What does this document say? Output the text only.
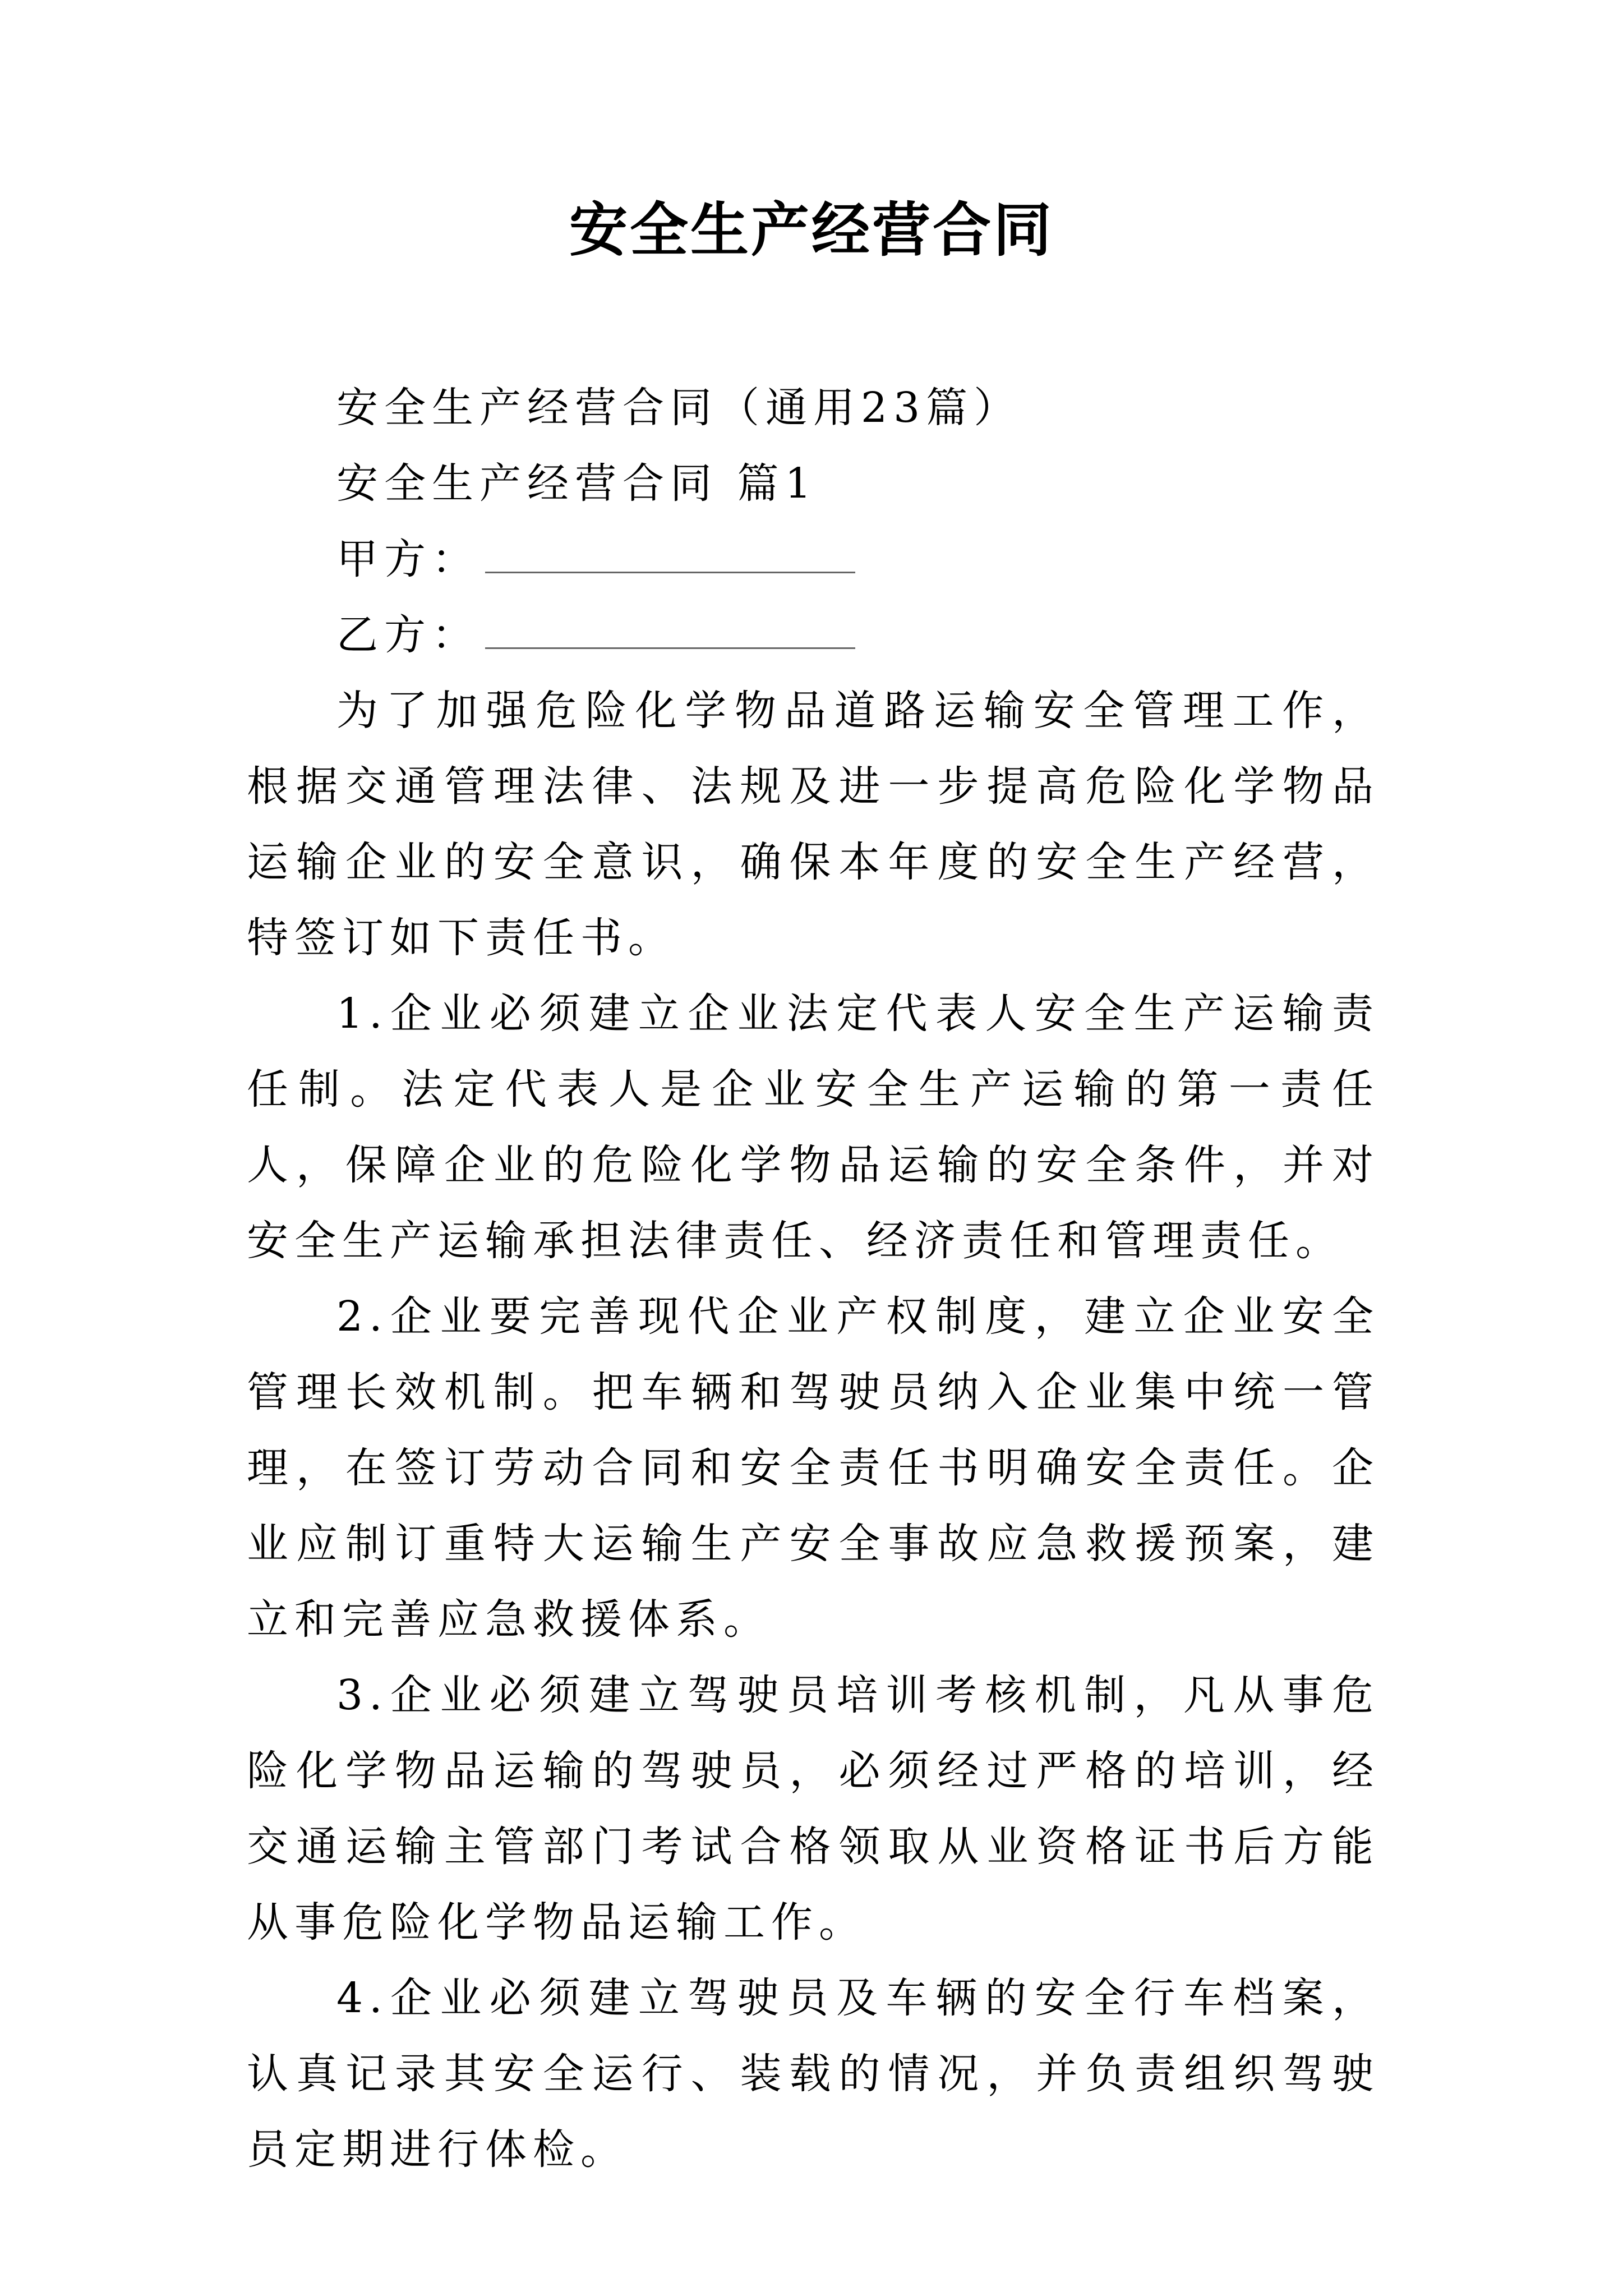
安全生产经营合同

安全生产经营合同（通用23篇）

安全生产经营合同 篇1

甲方：

乙方：

为了加强危险化学物品道路运输安全管理工作，根据交通管理法律、法规及进一步提高危险化学物品运输企业的安全意识，确保本年度的安全生产经营，特签订如下责任书。

1.企业必须建立企业法定代表人安全生产运输责任制。法定代表人是企业安全生产运输的第一责任人，保障企业的危险化学物品运输的安全条件，并对安全生产运输承担法律责任、经济责任和管理责任。

2.企业要完善现代企业产权制度，建立企业安全管理长效机制。把车辆和驾驶员纳入企业集中统一管理，在签订劳动合同和安全责任书明确安全责任。企业应制订重特大运输生产安全事故应急救援预案，建立和完善应急救援体系。

3.企业必须建立驾驶员培训考核机制，凡从事危险化学物品运输的驾驶员，必须经过严格的培训，经交通运输主管部门考试合格领取从业资格证书后方能从事危险化学物品运输工作。

4.企业必须建立驾驶员及车辆的安全行车档案，认真记录其安全运行、装载的情况，并负责组织驾驶员定期进行体检。
